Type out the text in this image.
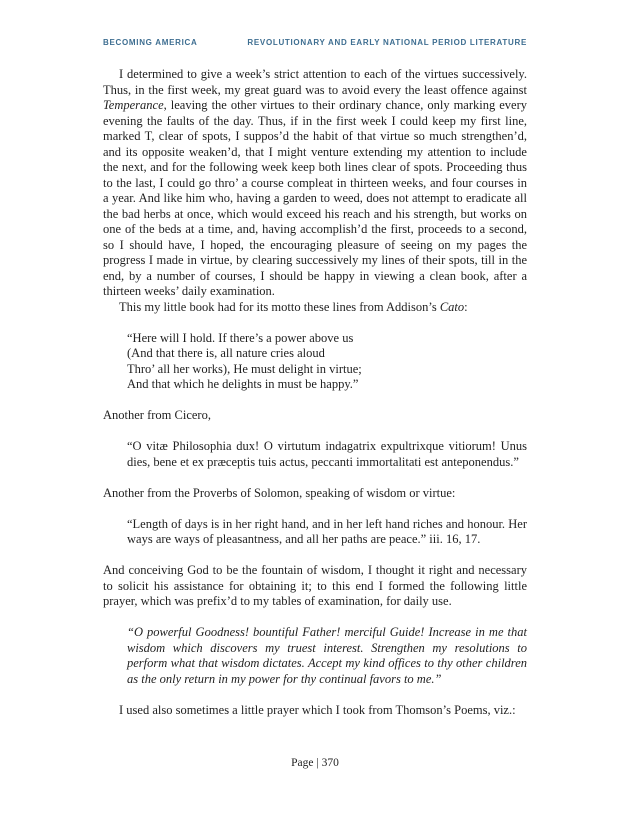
BECOMING AMERICA	REVOLUTIONARY AND EARLY NATIONAL PERIOD LITERATURE

I determined to give a week’s strict attention to each of the virtues successively. Thus, in the first week, my great guard was to avoid every the least offence against Temperance, leaving the other virtues to their ordinary chance, only marking every evening the faults of the day. Thus, if in the first week I could keep my first line, marked T, clear of spots, I suppos’d the habit of that virtue so much strengthen’d, and its opposite weaken’d, that I might venture extending my attention to include the next, and for the following week keep both lines clear of spots. Proceeding thus to the last, I could go thro’ a course compleat in thirteen weeks, and four courses in a year. And like him who, having a garden to weed, does not attempt to eradicate all the bad herbs at once, which would exceed his reach and his strength, but works on one of the beds at a time, and, having accomplish’d the first, proceeds to a second, so I should have, I hoped, the encouraging pleasure of seeing on my pages the progress I made in virtue, by clearing successively my lines of their spots, till in the end, by a number of courses, I should be happy in viewing a clean book, after a thirteen weeks’ daily examination.

This my little book had for its motto these lines from Addison’s Cato:

“Here will I hold. If there’s a power above us
(And that there is, all nature cries aloud
Thro’ all her works), He must delight in virtue;
And that which he delights in must be happy.”

Another from Cicero,

“O vitæ Philosophia dux! O virtutum indagatrix expultrixque vitiorum! Unus dies, bene et ex præceptis tuis actus, peccanti immortalitati est anteponendus.”

Another from the Proverbs of Solomon, speaking of wisdom or virtue:

“Length of days is in her right hand, and in her left hand riches and honour. Her ways are ways of pleasantness, and all her paths are peace.” iii. 16, 17.

And conceiving God to be the fountain of wisdom, I thought it right and necessary to solicit his assistance for obtaining it; to this end I formed the following little prayer, which was prefix’d to my tables of examination, for daily use.

“O powerful Goodness! bountiful Father! merciful Guide! Increase in me that wisdom which discovers my truest interest. Strengthen my resolutions to perform what that wisdom dictates. Accept my kind offices to thy other children as the only return in my power for thy continual favors to me.”

I used also sometimes a little prayer which I took from Thomson’s Poems, viz.:

Page | 370
